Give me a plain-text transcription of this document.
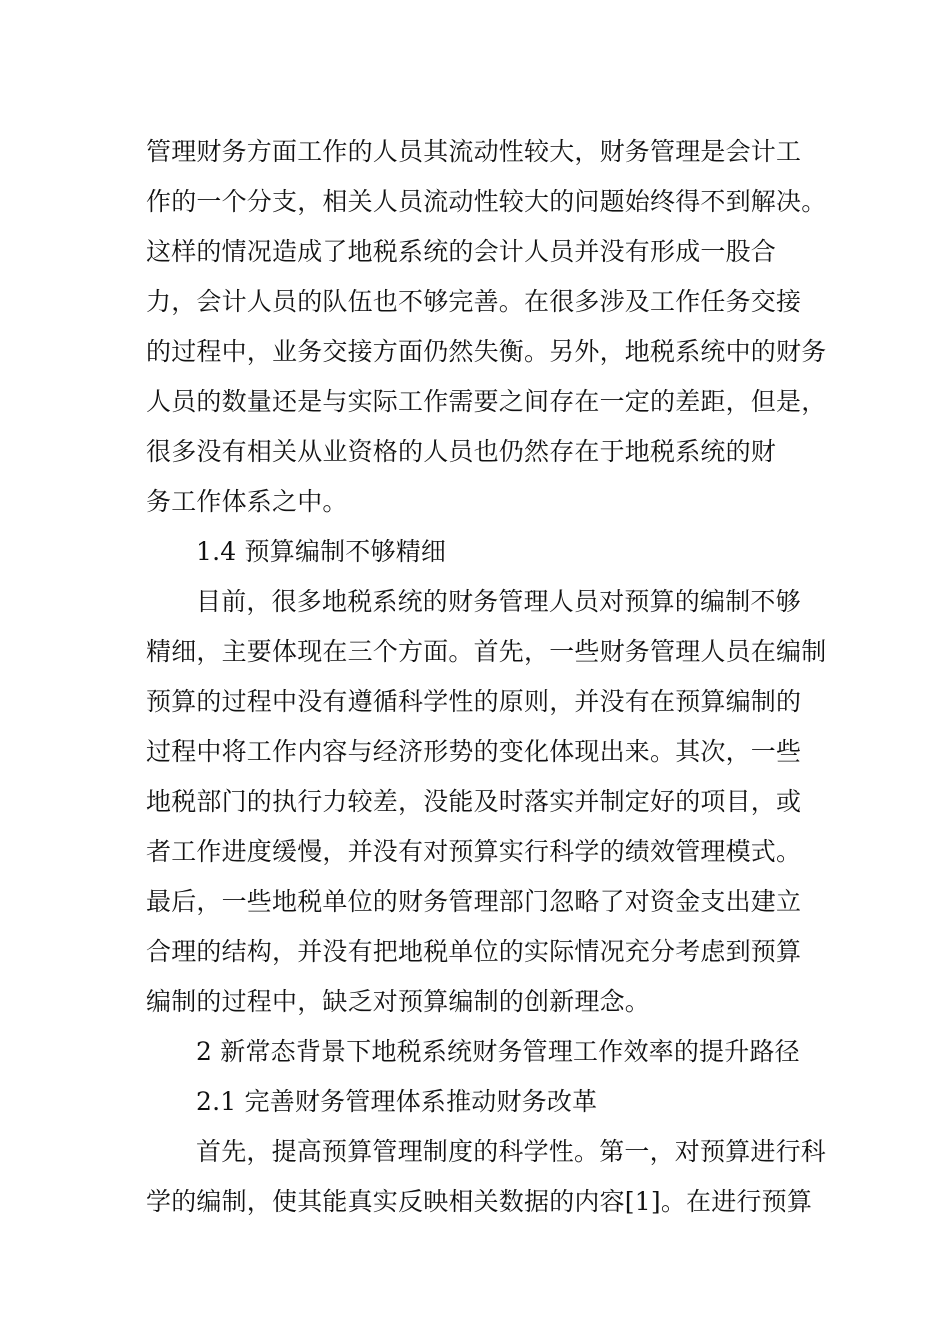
管理财务方面工作的人员其流动性较大，财务管理是会计工
作的一个分支，相关人员流动性较大的问题始终得不到解决。
这样的情况造成了地税系统的会计人员并没有形成一股合
力，会计人员的队伍也不够完善。在很多涉及工作任务交接
的过程中，业务交接方面仍然失衡。另外，地税系统中的财务
人员的数量还是与实际工作需要之间存在一定的差距，但是，
很多没有相关从业资格的人员也仍然存在于地税系统的财
务工作体系之中。
1.4 预算编制不够精细
目前，很多地税系统的财务管理人员对预算的编制不够
精细，主要体现在三个方面。首先，一些财务管理人员在编制
预算的过程中没有遵循科学性的原则，并没有在预算编制的
过程中将工作内容与经济形势的变化体现出来。其次，一些
地税部门的执行力较差，没能及时落实并制定好的项目，或
者工作进度缓慢，并没有对预算实行科学的绩效管理模式。
最后，一些地税单位的财务管理部门忽略了对资金支出建立
合理的结构，并没有把地税单位的实际情况充分考虑到预算
编制的过程中，缺乏对预算编制的创新理念。
2 新常态背景下地税系统财务管理工作效率的提升路径
2.1 完善财务管理体系推动财务改革
首先，提高预算管理制度的科学性。第一，对预算进行科
学的编制，使其能真实反映相关数据的内容[1]。在进行预算
